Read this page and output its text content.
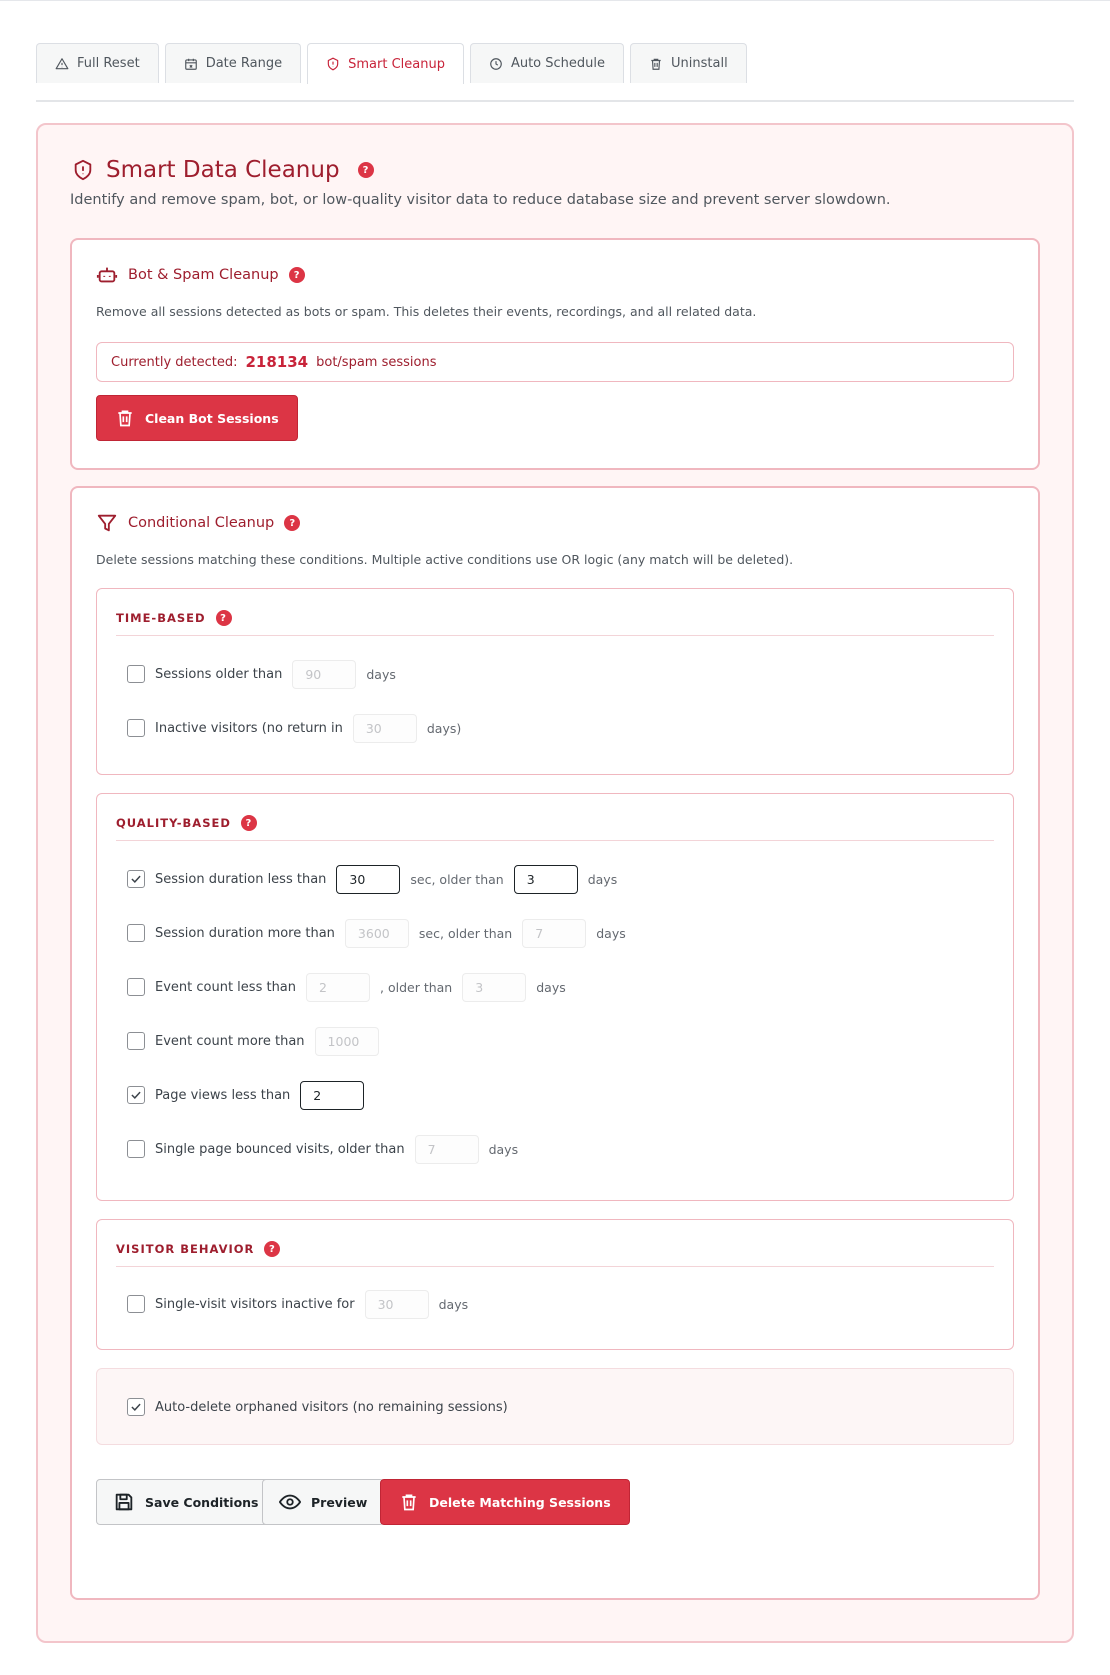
Full Reset	Date Range	Smart Cleanup	Auto Schedule	Uninstall
Smart Data Cleanup	?
Identify and remove spam, bot, or low-quality visitor data to reduce database size and prevent server slowdown.
Bot & Spam Cleanup	?
Remove all sessions detected as bots or spam. This deletes their events, recordings, and all related data.
Currently detected: 218134 bot/spam sessions
Clean Bot Sessions
Conditional Cleanup	?
Delete sessions matching these conditions. Multiple active conditions use OR logic (any match will be deleted).
TIME-BASED	?
Sessions older than
90	days
Inactive visitors (no return in
30	days)
QUALITY-BASED	?
Session duration less than
30	sec, older than
3	days
Session duration more than
3600	sec, older than
7	days
Event count less than
2	, older than
3	days
Event count more than
1000
Page views less than
2
Single page bounced visits, older than
7	days
VISITOR BEHAVIOR	?
Single-visit visitors inactive for
30	days
Auto-delete orphaned visitors (no remaining sessions)
Save Conditions	Preview	Delete Matching Sessions
